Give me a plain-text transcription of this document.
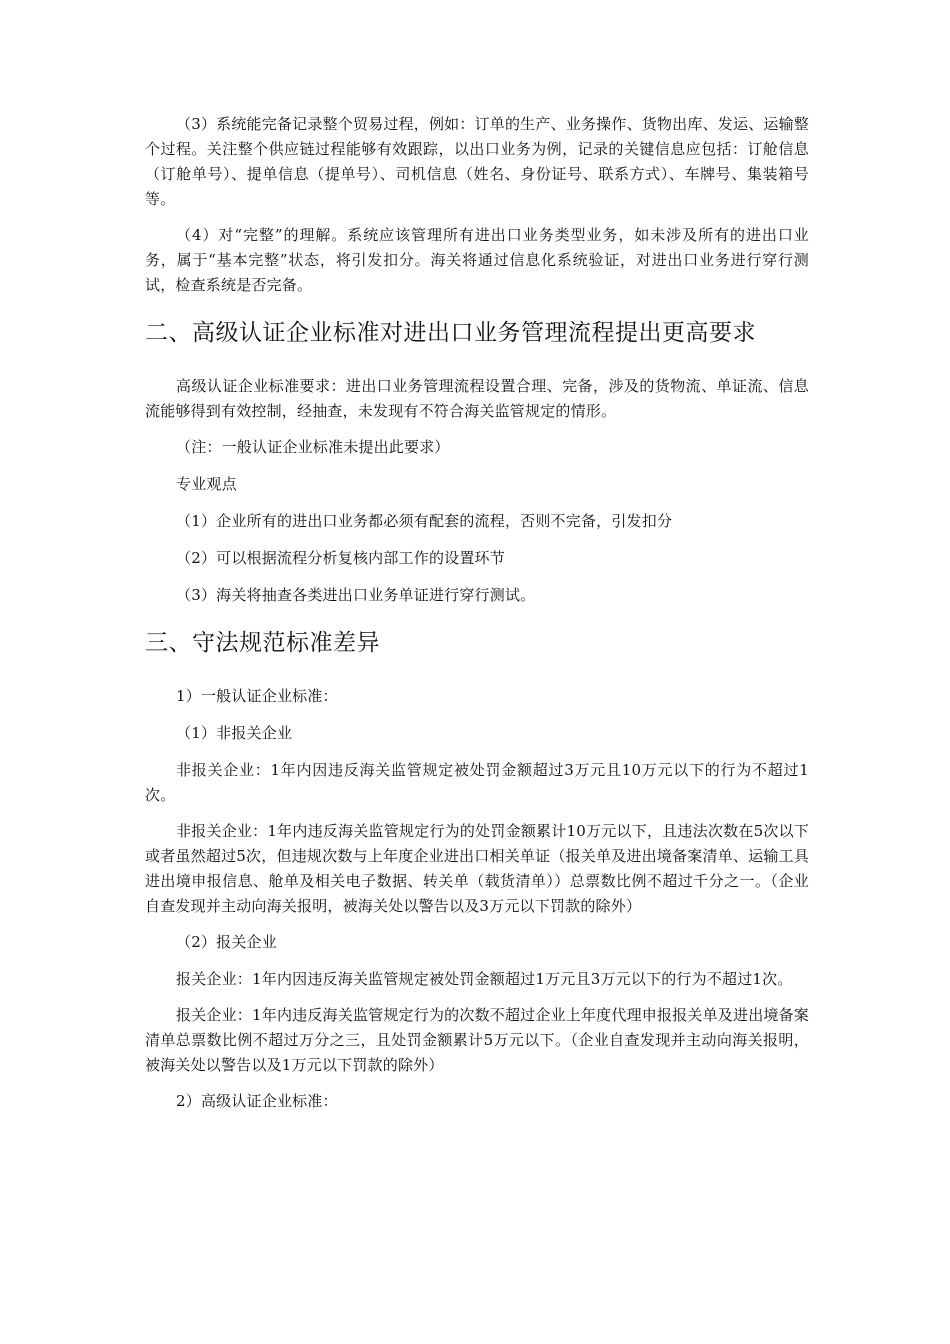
（3）系统能完备记录整个贸易过程，例如：订单的生产、业务操作、货物出库、发运、运输整个过程。关注整个供应链过程能够有效跟踪，以出口业务为例，记录的关键信息应包括：订舱信息（订舱单号）、提单信息（提单号）、司机信息（姓名、身份证号、联系方式）、车牌号、集装箱号等。

（4）对“完整”的理解。系统应该管理所有进出口业务类型业务，如未涉及所有的进出口业务，属于“基本完整”状态，将引发扣分。海关将通过信息化系统验证，对进出口业务进行穿行测试，检查系统是否完备。

二、高级认证企业标准对进出口业务管理流程提出更高要求

高级认证企业标准要求：进出口业务管理流程设置合理、完备，涉及的货物流、单证流、信息流能够得到有效控制，经抽查，未发现有不符合海关监管规定的情形。

（注：一般认证企业标准未提出此要求）

专业观点

（1）企业所有的进出口业务都必须有配套的流程，否则不完备，引发扣分

（2）可以根据流程分析复核内部工作的设置环节

（3）海关将抽查各类进出口业务单证进行穿行测试。

三、守法规范标准差异

1）一般认证企业标准：

（1）非报关企业

非报关企业：1年内因违反海关监管规定被处罚金额超过3万元且10万元以下的行为不超过1次。

非报关企业：1年内违反海关监管规定行为的处罚金额累计10万元以下，且违法次数在5次以下或者虽然超过5次，但违规次数与上年度企业进出口相关单证（报关单及进出境备案清单、运输工具进出境申报信息、舱单及相关电子数据、转关单（载货清单））总票数比例不超过千分之一。（企业自查发现并主动向海关报明，被海关处以警告以及3万元以下罚款的除外）

（2）报关企业

报关企业：1年内因违反海关监管规定被处罚金额超过1万元且3万元以下的行为不超过1次。

报关企业：1年内违反海关监管规定行为的次数不超过企业上年度代理申报报关单及进出境备案清单总票数比例不超过万分之三，且处罚金额累计5万元以下。（企业自查发现并主动向海关报明，被海关处以警告以及1万元以下罚款的除外）

2）高级认证企业标准：
